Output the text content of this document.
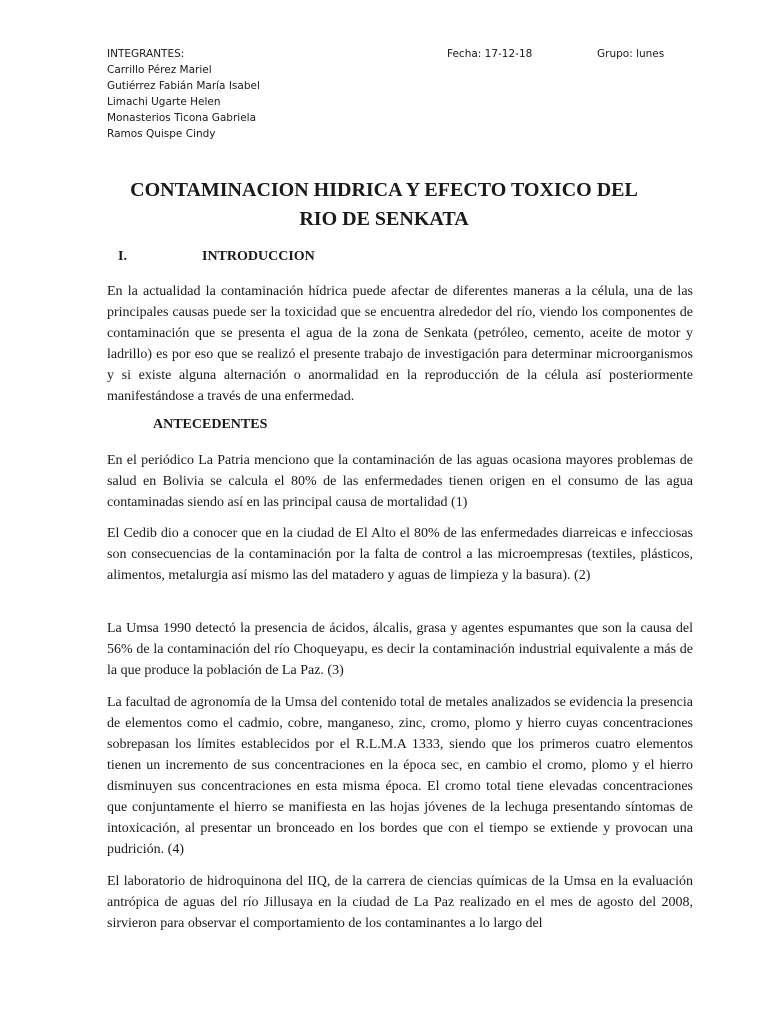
INTEGRANTES:	Fecha: 17-12-18	Grupo: lunes
Carrillo Pérez Mariel
Gutiérrez Fabián María Isabel
Limachi Ugarte Helen
Monasterios Ticona Gabriela
Ramos Quispe Cindy
CONTAMINACION HIDRICA Y EFECTO TOXICO DEL
RIO DE SENKATA
I.	INTRODUCCION

En la actualidad la contaminación hídrica puede afectar de diferentes maneras a la célula, una de las principales causas puede ser la toxicidad que se encuentra alrededor del río, viendo los componentes de contaminación que se presenta el agua de la zona de Senkata (petróleo, cemento, aceite de motor y ladrillo) es por eso que se realizó el presente trabajo de investigación para determinar microorganismos y si existe alguna alternación o anormalidad en la reproducción de la célula así posteriormente manifestándose a través de una enfermedad.

ANTECEDENTES

En el periódico La Patria menciono que la contaminación de las aguas ocasiona mayores problemas de salud en Bolivia se calcula el 80% de las enfermedades tienen origen en el consumo de las agua contaminadas siendo así en las principal causa de mortalidad (1)

El Cedib dio a conocer que en la ciudad de El Alto el 80% de las enfermedades diarreicas e infecciosas son consecuencias de la contaminación por la falta de control a las microempresas (textiles, plásticos, alimentos, metalurgia así mismo las del matadero y aguas de limpieza y la basura). (2)

La Umsa 1990 detectó la presencia de ácidos, álcalis, grasa y agentes espumantes que son la causa del 56% de la contaminación del río Choqueyapu, es decir la contaminación industrial equivalente a más de la que produce la población de La Paz. (3)

La facultad de agronomía de la Umsa del contenido total de metales analizados se evidencia la presencia de elementos como el cadmio, cobre, manganeso, zinc, cromo, plomo y hierro cuyas concentraciones sobrepasan los límites establecidos por el R.L.M.A 1333, siendo que los primeros cuatro elementos tienen un incremento de sus concentraciones en la época sec, en cambio el cromo, plomo y el hierro disminuyen sus concentraciones en esta misma época. El cromo total tiene elevadas concentraciones que conjuntamente el hierro se manifiesta en las hojas jóvenes de la lechuga presentando síntomas de intoxicación, al presentar un bronceado en los bordes que con el tiempo se extiende y provocan una pudrición. (4)

El laboratorio de hidroquinona del IIQ, de la carrera de ciencias químicas de la Umsa en la evaluación antrópica de aguas del río Jillusaya en la ciudad de La Paz realizado en el mes de agosto del 2008, sirvieron para observar el comportamiento de los contaminantes a lo largo del
